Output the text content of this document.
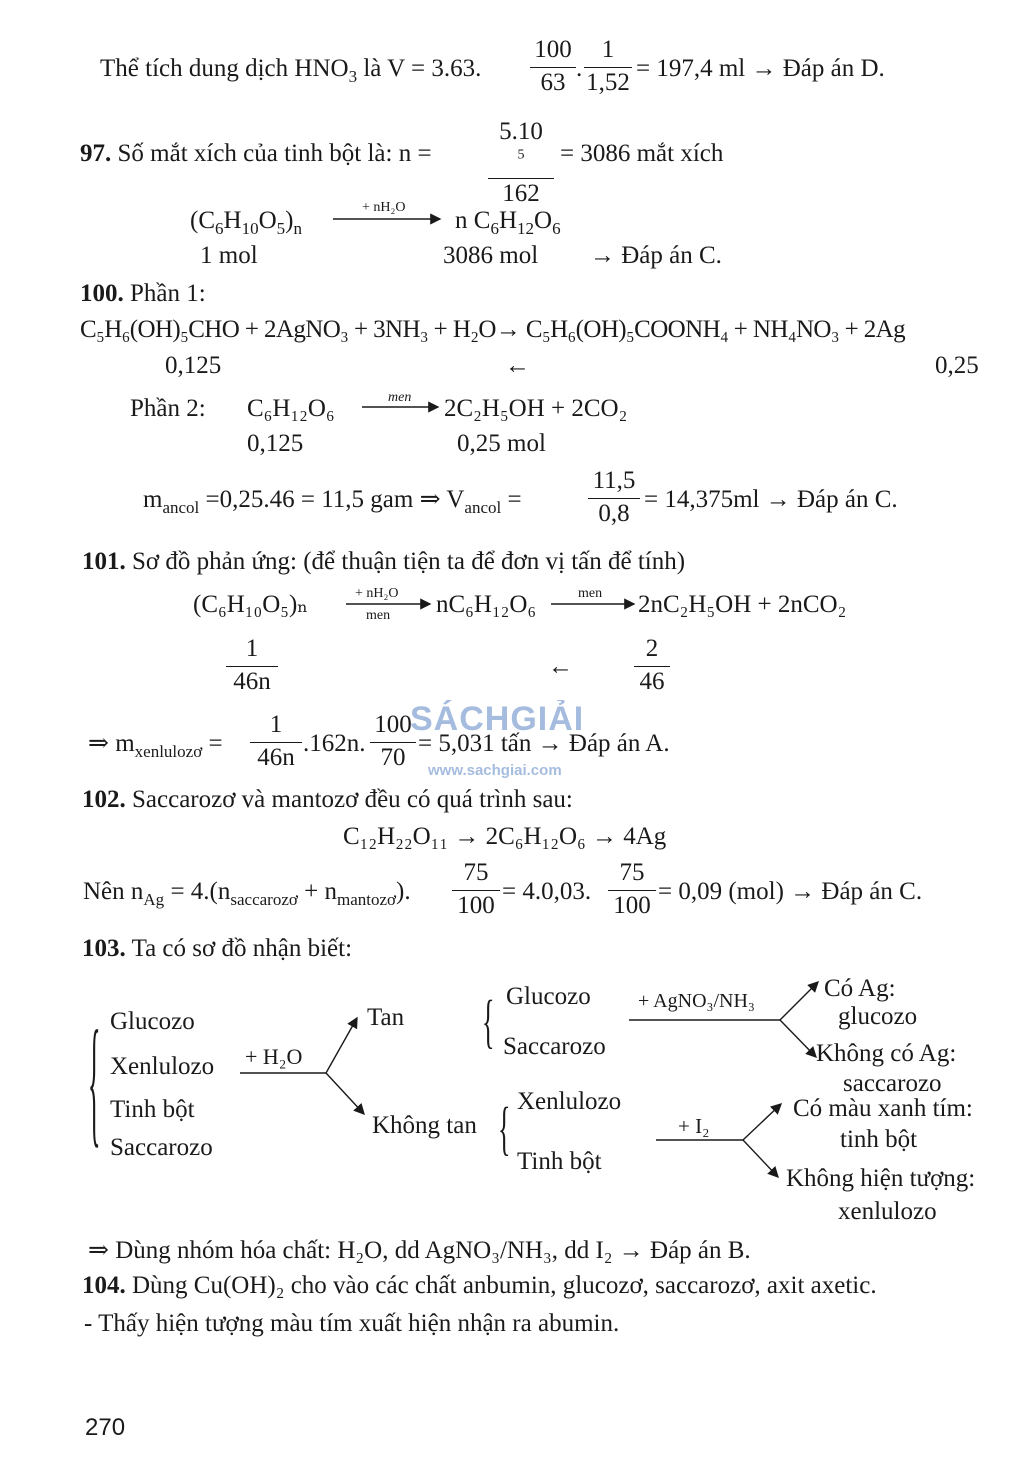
Thể tích dung dịch $HNO_3$ là V = 3.63.
100
63
.
1
1,52
= 197,4 ml → Đáp án D.
97. Số mắt xích của tinh bột là: n =
5.10
$^5$
162
= 3086 mắt xích
$(C_6H_{10}O_5)_n$
+ nH₂O n $C_6H_{12}O_6$
1 mol	3086 mol → Đáp án C.
100. Phần 1:
C₅H₆(OH)₅CHO + 2AgNO₃ + 3NH₃ + H₂O→ C₅H₆(OH)₅COONH₄ + NH₄NO₃ + 2Ag
0,125	←	0,25
Phần 2: C₆H₁₂O₆	men 2C₂H₅OH + 2CO₂
0,125	0,25 mol
$m_{ancol} =0,25.46 = 11,5$ gam ⇒ $V_{ancol}$ =
11,5
0,8
= 14,375ml → Đáp án C.
101. Sơ đồ phản ứng: (để thuận tiện ta để đơn vị tấn để tính)
(C₆H₁₀O₅)ₙ	+ nH₂O
men nC₆H₁₂O₆	men 2nC₂H₅OH + 2nCO₂
1
46n
←
2
46
⇒ $m_{xenlulozơ}$ =
1
46n
.162n.
100
70
= 5,031 tấn → Đáp án A.
SÁCHGIẢI
www.sachgiai.com
102. Saccarozơ và mantozơ đều có quá trình sau:
C₁₂H₂₂O₁₁ → 2C₆H₁₂O₆ → 4Ag
Nên $n_{Ag} = 4.(n_{saccarozơ} + n_{mantozơ})$.
75
100
= 4.0,03.
75
100
= 0,09 (mol) → Đáp án C.
103. Ta có sơ đồ nhận biết:
{ Glucozo
Xenlulozo
Tinh bột
Saccarozo
+ H₂O
Tan
Không tan
{ Glucozo
Saccarozo
+ AgNO₃/NH₃	Có Ag:
glucozo
Không có Ag:
saccarozo
{ Xenlulozo
Tinh bột
+ I₂
Có màu xanh tím:
tinh bột
Không hiện tượng:
xenlulozo
⇒ Dùng nhóm hóa chất: H₂O, dd AgNO₃/NH₃, dd I₂ → Đáp án B.
104. Dùng Cu(OH)₂ cho vào các chất anbumin, glucozơ, saccarozơ, axit axetic.
- Thấy hiện tượng màu tím xuất hiện nhận ra abumin.
270
